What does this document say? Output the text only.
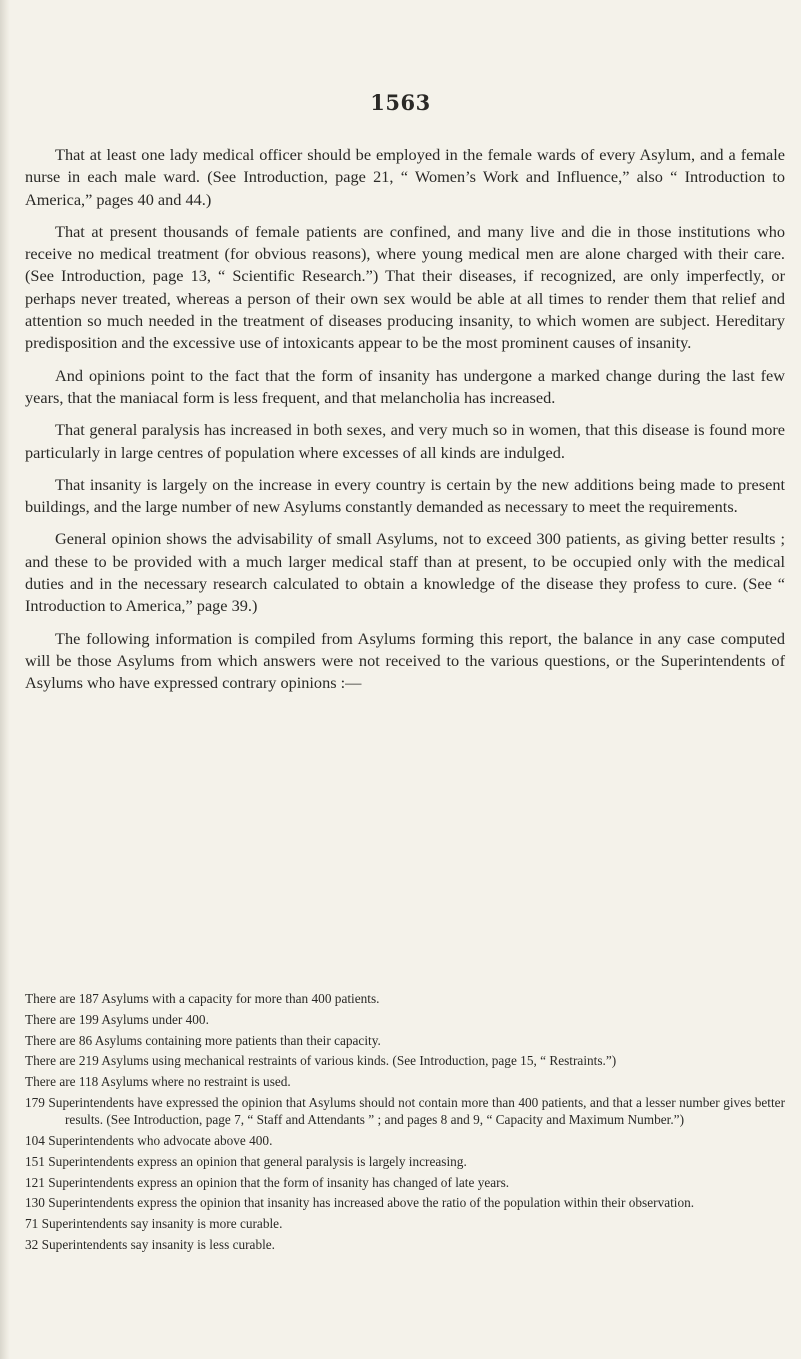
1563

That at least one lady medical officer should be employed in the female wards of every Asylum, and a female nurse in each male ward. (See Introduction, page 21, “ Women’s Work and Influence,” also “ Introduction to America,” pages 40 and 44.)

That at present thousands of female patients are confined, and many live and die in those institutions who receive no medical treatment (for obvious reasons), where young medical men are alone charged with their care. (See Introduction, page 13, “ Scientific Research.”) That their diseases, if recognized, are only imperfectly, or perhaps never treated, whereas a person of their own sex would be able at all times to render them that relief and attention so much needed in the treatment of diseases producing insanity, to which women are subject. Hereditary predisposition and the excessive use of intoxicants appear to be the most prominent causes of insanity.

And opinions point to the fact that the form of insanity has undergone a marked change during the last few years, that the maniacal form is less frequent, and that melancholia has increased.

That general paralysis has increased in both sexes, and very much so in women, that this disease is found more particularly in large centres of population where excesses of all kinds are indulged.

That insanity is largely on the increase in every country is certain by the new additions being made to present buildings, and the large number of new Asylums constantly demanded as necessary to meet the requirements.

General opinion shows the advisability of small Asylums, not to exceed 300 patients, as giving better results ; and these to be provided with a much larger medical staff than at present, to be occupied only with the medical duties and in the necessary research calculated to obtain a knowledge of the disease they profess to cure. (See “ Introduction to America,” page 39.)

The following information is compiled from Asylums forming this report, the balance in any case computed will be those Asylums from which answers were not received to the various questions, or the Superintendents of Asylums who have expressed contrary opinions :—

There are 187 Asylums with a capacity for more than 400 patients.

There are 199 Asylums under 400.

There are 86 Asylums containing more patients than their capacity.

There are 219 Asylums using mechanical restraints of various kinds. (See Introduction, page 15, “ Restraints.”)

There are 118 Asylums where no restraint is used.

179 Superintendents have expressed the opinion that Asylums should not contain more than 400 patients, and that a lesser number gives better results. (See Introduction, page 7, “ Staff and Attendants ” ; and pages 8 and 9, “ Capacity and Maximum Number.”)

104 Superintendents who advocate above 400.

151 Superintendents express an opinion that general paralysis is largely increasing.

121 Superintendents express an opinion that the form of insanity has changed of late years.

130 Superintendents express the opinion that insanity has increased above the ratio of the population within their observation.

71 Superintendents say insanity is more curable.

32 Superintendents say insanity is less curable.
